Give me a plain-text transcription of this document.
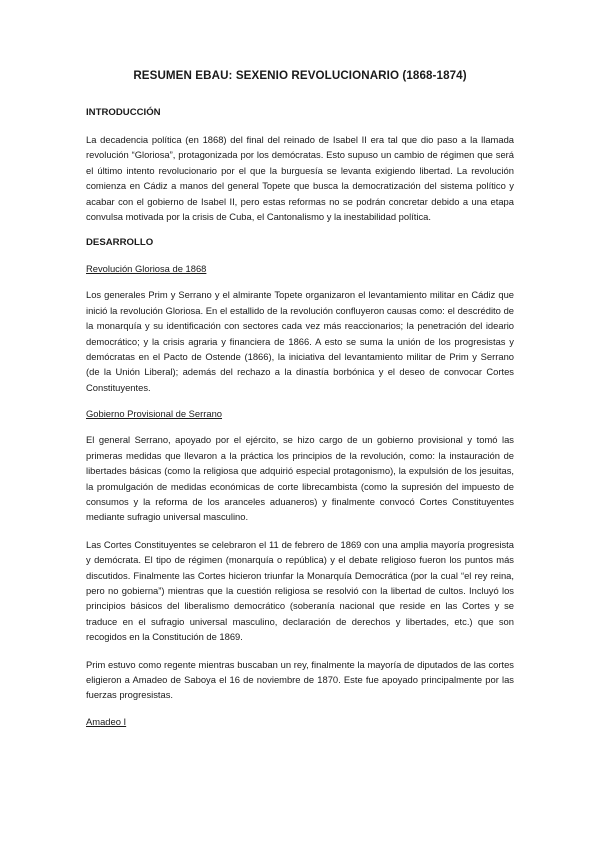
RESUMEN EBAU: SEXENIO REVOLUCIONARIO (1868-1874)
INTRODUCCIÓN

La decadencia política (en 1868) del final del reinado de Isabel II era tal que dio paso a la llamada revolución “Gloriosa”, protagonizada por los demócratas. Esto supuso un cambio de régimen que será el último intento revolucionario por el que la burguesía se levanta exigiendo libertad. La revolución comienza en Cádiz a manos del general Topete que busca la democratización del sistema político y acabar con el gobierno de Isabel II, pero estas reformas no se podrán concretar debido a una etapa convulsa motivada por la crisis de Cuba, el Cantonalismo y la inestabilidad política.

DESARROLLO
Revolución Gloriosa de 1868

Los generales Prim y Serrano y el almirante Topete organizaron el levantamiento militar en Cádiz que inició la revolución Gloriosa. En el estallido de la revolución confluyeron causas como: el descrédito de la monarquía y su identificación con sectores cada vez más reaccionarios; la penetración del ideario democrático; y la crisis agraria y financiera de 1866. A esto se suma la unión de los progresistas y demócratas en el Pacto de Ostende (1866), la iniciativa del levantamiento militar de Prim y Serrano (de la Unión Liberal); además del rechazo a la dinastía borbónica y el deseo de convocar Cortes Constituyentes.

Gobierno Provisional de Serrano

El general Serrano, apoyado por el ejército, se hizo cargo de un gobierno provisional y tomó las primeras medidas que llevaron a la práctica los principios de la revolución, como: la instauración de libertades básicas (como la religiosa que adquirió especial protagonismo), la expulsión de los jesuitas, la promulgación de medidas económicas de corte librecambista (como la supresión del impuesto de consumos y la reforma de los aranceles aduaneros) y finalmente convocó Cortes Constituyentes mediante sufragio universal masculino.

Las Cortes Constituyentes se celebraron el 11 de febrero de 1869 con una amplia mayoría progresista y demócrata. El tipo de régimen (monarquía o república) y el debate religioso fueron los puntos más discutidos. Finalmente las Cortes hicieron triunfar la Monarquía Democrática (por la cual “el rey reina, pero no gobierna”) mientras que la cuestión religiosa se resolvió con la libertad de cultos. Incluyó los principios básicos del liberalismo democrático (soberanía nacional que reside en las Cortes y se traduce en el sufragio universal masculino, declaración de derechos y libertades, etc.) que son recogidos en la Constitución de 1869.

Prim estuvo como regente mientras buscaban un rey, finalmente la mayoría de diputados de las cortes eligieron a Amadeo de Saboya el 16 de noviembre de 1870. Este fue apoyado principalmente por las fuerzas progresistas.

Amadeo I
